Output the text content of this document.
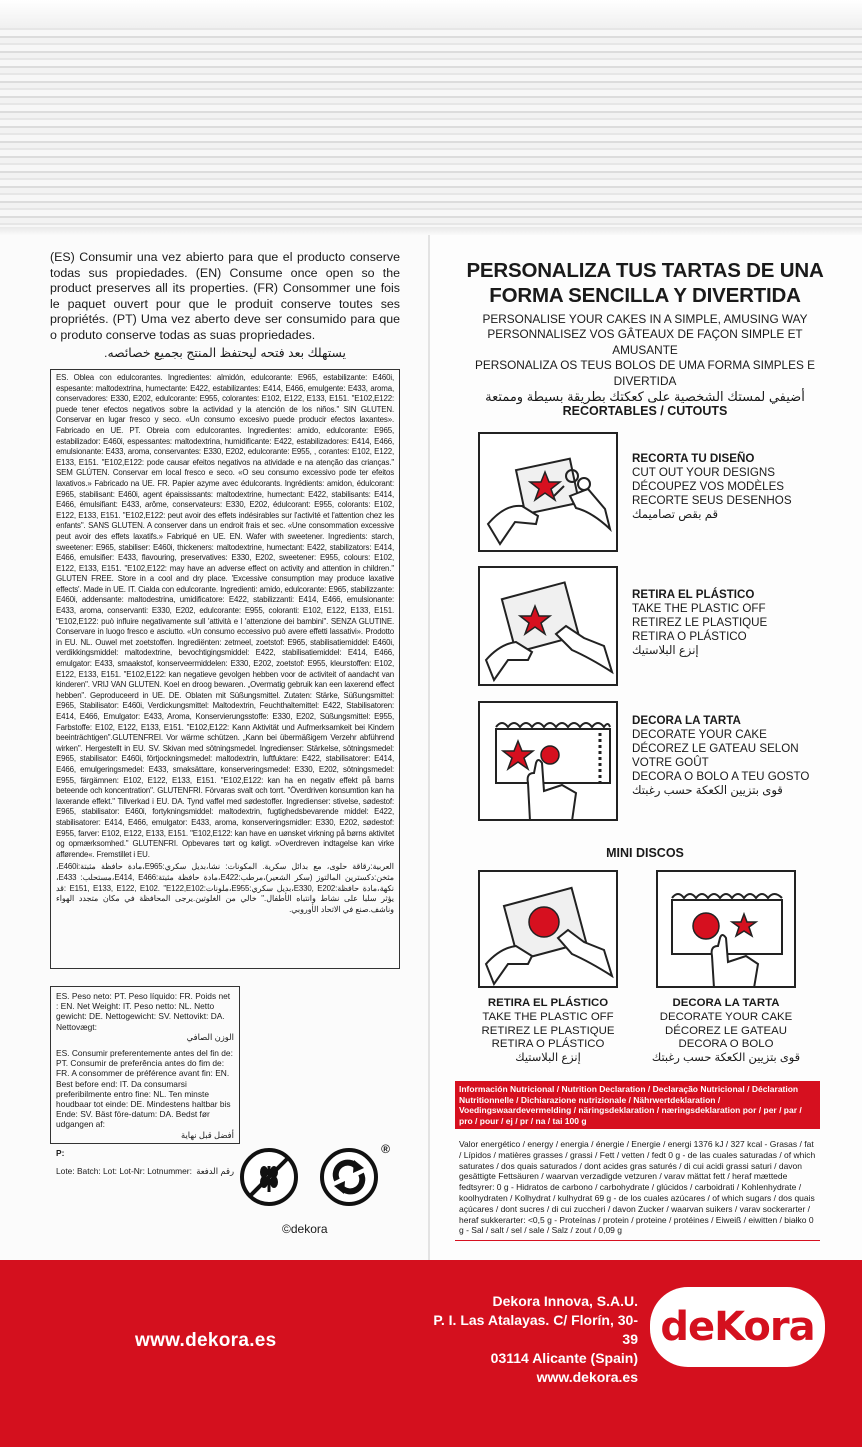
(ES) Consumir una vez abierto para que el producto conserve todas sus propiedades. (EN) Consume once open so the product preserves all its properties. (FR) Consommer une fois le paquet ouvert pour que le produit conserve toutes ses propriétés. (PT) Uma vez aberto deve ser consumido para que o produto conserve todas as suas propriedades.
يستهلك بعد فتحه ليحتفظ المنتج بجميع خصائصه.
ES. Oblea con edulcorantes. Ingredientes: almidón, edulcorante: E965, estabilizante: E460i, espesante: maltodextrina, humectante: E422, estabilizantes: E414, E466, emulgente: E433, aroma, conservadores: E330, E202, edulcorante: E955, colorantes: E102, E122, E133, E151. "E102,E122: puede tener efectos negativos sobre la actividad y la atención de los niños." SIN GLUTEN. Conservar en lugar fresco y seco. «Un consumo excesivo puede producir efectos laxantes». Fabricado en UE. PT. Obreia com edulcorantes. Ingredientes: amido, edulcorante: E965, estabilizador: E460i, espessantes: maltodextrina, humidificante: E422, estabilizadores: E414, E466, emulsionante: E433, aroma, conservantes: E330, E202, edulcorante: E955, , corantes: E102, E122, E133, E151. "E102,E122: pode causar efeitos negativos na atividade e na atenção das crianças." SEM GLÚTEN. Conservar em local fresco e seco. «O seu consumo excessivo pode ter efeitos laxativos.» Fabricado na UE. FR. Papier azyme avec édulcorants. Ingrédients: amidon, édulcorant: E965, stabilisant: E460i, agent épaississants: maltodextrine, humectant: E422, stabilisants: E414, E466, émulsifiant: E433, arôme, conservateurs: E330, E202, édulcorant: E955, colorants: E102, E122, E133, E151. "E102,E122: peut avoir des effets indésirables sur l'activité et l'attention chez les enfants". SANS GLUTEN. A conserver dans un endroit frais et sec. «Une consommation excessive peut avoir des effets laxatifs.» Fabriqué en UE. EN. Wafer with sweetener. Ingredients: starch, sweetener: E965, stabiliser: E460i, thickeners: maltodextrine, humectant: E422, stabilizators: E414, E466, emulsifier: E433, flavouring, preservatives: E330, E202, sweetener: E955, colours: E102, E122, E133, E151. "E102,E122: may have an adverse effect on activity and attention in children." GLUTEN FREE. Store in a cool and dry place. 'Excessive consumption may produce laxative effects'. Made in UE. IT. Cialda con edulcorante. Ingredienti: amido, edulcorante: E965, stabilizzante: E460i, addensante: maltodestrina, umidificatore: E422, stabilizzanti: E414, E466, emulsionante: E433, aroma, conservanti: E330, E202, edulcorante: E955, coloranti: E102, E122, E133, E151. "E102,E122: può influire negativamente sull 'attività e l 'attenzione dei bambini". SENZA GLUTINE. Conservare in luogo fresco e asciutto. «Un consumo eccessivo può avere effetti lassativi». Prodotto in EU. NL. Ouwel met zoetstoffen. Ingrediënten: zetmeel, zoetstof: E965, stabilisatiemiddel: E460i, verdikkingsmiddel: maltodextrine, bevochtigingsmiddel: E422, stabilisatiemiddel: E414, E466, emulgator: E433, smaakstof, konserveermiddelen: E330, E202, zoetstof: E955, kleurstoffen: E102, E122, E133, E151. "E102,E122: kan negatieve gevolgen hebben voor de activiteit of aandacht van kinderen". VRIJ VAN GLUTEN. Koel en droog bewaren. „Overmatig gebruik kan een laxerend effect hebben". Geproduceerd in UE. DE. Oblaten mit Süßungsmittel. Zutaten: Stärke, Süßungsmittel: E965, Stabilisator: E460i, Verdickungsmittel: Maltodextrin, Feuchthaltemittel: E422, Stabilisatoren: E414, E466, Emulgator: E433, Aroma, Konservierungsstoffe: E330, E202, Süßungsmittel: E955, Farbstoffe: E102, E122, E133, E151. "E102,E122: Kann Aktivität und Aufmerksamkeit bei Kindern beeinträchtigen".GLUTENFREI. Vor wärme schützen. „Kann bei übermäßigem Verzehr abführend wirken". Hergestellt in EU. SV. Skivan med sötningsmedel. Ingredienser: Stärkelse, sötningsmedel: E965, stabilisator: E460i, förtjockningsmedel: maltodextrin, luftfuktare: E422, stabilisatorer: E414, E466, emulgeringsmedel: E433, smaksättare, konserveringsmedel: E330, E202, sötningsmedel: E955, färgämnen: E102, E122, E133, E151. "E102,E122: kan ha en negativ effekt på barns beteende och koncentration". GLUTENFRI. Förvaras svalt och torrt. "Överdriven konsumtion kan ha laxerande effekt." Tillverkad i EU. DA. Tynd vaffel med sødestoffer. Ingredienser: stivelse, sødestof: E965, stabilisator: E460i, fortykningsmiddel: maltodextrin, fugtighedsbevarende middel: E422, stabilisatorer: E414, E466, emulgator: E433, aroma, konserveringsmidler: E330, E202, sødestof: E955, farver: E102, E122, E133, E151. "E102,E122: kan have en uønsket virkning på børns aktivitet og opmærksomhed." GLUTENFRI. Opbevares tørt og køligt. »Overdreven indtagelse kan virke afførende«. Fremstillet i EU.
العربية:رقاقة حلوى، مع بدائل سكرية. المكونات: نشا،بديل سكري:E965،مادة حافظة مثبتة:E460i، مثخن:دكسترين المالتوز (سكر الشعير)،مرطب:E422،مادة حافظة مثبتة:E414, E466،مستحلب: E433، نكهة،مادة حافظة:E330, E202،بديل سكري:E955،ملونات:E151, E133, E122, E102. "E122,E102 :قد يؤثر سلبا على نشاط وانتباه الأطفال." خالي من الغلوتين.يرجى المحافظة في مكان متجدد الهواء وناشف.صنع في الاتحاد الأوروبي.
ES. Peso neto: PT. Peso líquido: FR. Poids net : EN. Net Weight: IT. Peso netto: NL. Netto gewicht: DE. Nettogewicht: SV. Nettovikt: DA. Nettovægt:
الوزن الصافي
ES. Consumir preferentemente antes del fin de: PT. Consumir de preferência antes do fim de: FR. A consommer de préférence avant fin: EN. Best before end: IT. Da consumarsi preferibilmente entro fine: NL. Ten minste houdbaar tot einde: DE. Mindestens haltbar bis Ende: SV. Bäst före-datum: DA. Bedst før udgangen af:
أفضل قبل نهاية
P:
Lote: Batch: Lot: Lot-Nr: Lotnummer: رقم الدفعة
®
©dekora
PERSONALIZA TUS TARTAS DE UNA FORMA SENCILLA Y DIVERTIDA
PERSONALISE YOUR CAKES IN A SIMPLE, AMUSING WAY
PERSONNALISEZ VOS GÂTEAUX DE FAÇON SIMPLE ET AMUSANTE
PERSONALIZA OS TEUS BOLOS DE UMA FORMA SIMPLES E DIVERTIDA
أضيفي لمستك الشخصية على كعكتك بطريقة بسيطة وممتعة
RECORTABLES / CUTOUTS
RECORTA TU DISEÑO
CUT OUT YOUR DESIGNS
DÉCOUPEZ VOS MODÈLES
RECORTE SEUS DESENHOS
قم بقص تصاميمك
RETIRA EL PLÁSTICO
TAKE THE PLASTIC OFF
RETIREZ LE PLASTIQUE
RETIRA O PLÁSTICO
إنزع البلاستيك
DECORA LA TARTA
DECORATE YOUR CAKE
DÉCOREZ LE GATEAU SELON
VOTRE GOÛT
DECORA O BOLO A TEU GOSTO
قوى بتزيين الكعكة حسب رغبتك
MINI DISCOS
RETIRA EL PLÁSTICO
TAKE THE PLASTIC OFF
RETIREZ LE PLASTIQUE
RETIRA O PLÁSTICO
إنزع البلاستيك
DECORA LA TARTA
DECORATE YOUR CAKE
DÉCOREZ LE GATEAU
DECORA O BOLO
قوى بتزيين الكعكة حسب رغبتك
Información Nutricional / Nutrition Declaration / Declaração Nutricional / Déclaration Nutritionnelle / Dichiarazione nutrizionale / Nährwertdeklaration / Voedingswaardevermelding / näringsdeklaration / næringsdeklaration por / per / par / pro / pour / ej / pr / na / tai 100 g
Valor energético / energy / energia / énergie / Energie / energi 1376 kJ / 327 kcal - Grasas / fat / Lípidos / matières grasses / grassi / Fett / vetten / fedt 0 g - de las cuales saturadas / of which saturates / dos quais saturados / dont acides gras saturés / di cui acidi grassi saturi / davon gesättigte Fettsäuren / waarvan verzadigde vetzuren / varav mättat fett / heraf mættede fedtsyrer: 0 g - Hidratos de carbono / carbohydrate / glúcidos / carboidrati / Kohlenhydrate / koolhydraten / Kolhydrat / kulhydrat 69 g - de los cuales azúcares / of which sugars / dos quais açúcares / dont sucres / di cui zuccheri / davon Zucker / waarvan suikers / varav sockerarter / heraf sukkerarter: <0,5 g - Proteínas / protein / proteine / protéines / Eiweiß / eiwitten / białko 0 g - Sal / salt / sel / sale / Salz / zout / 0,09 g
www.dekora.es
Dekora Innova, S.A.U.
P. I. Las Atalayas. C/ Florín, 30-39
03114 Alicante (Spain)
www.dekora.es
deKora
